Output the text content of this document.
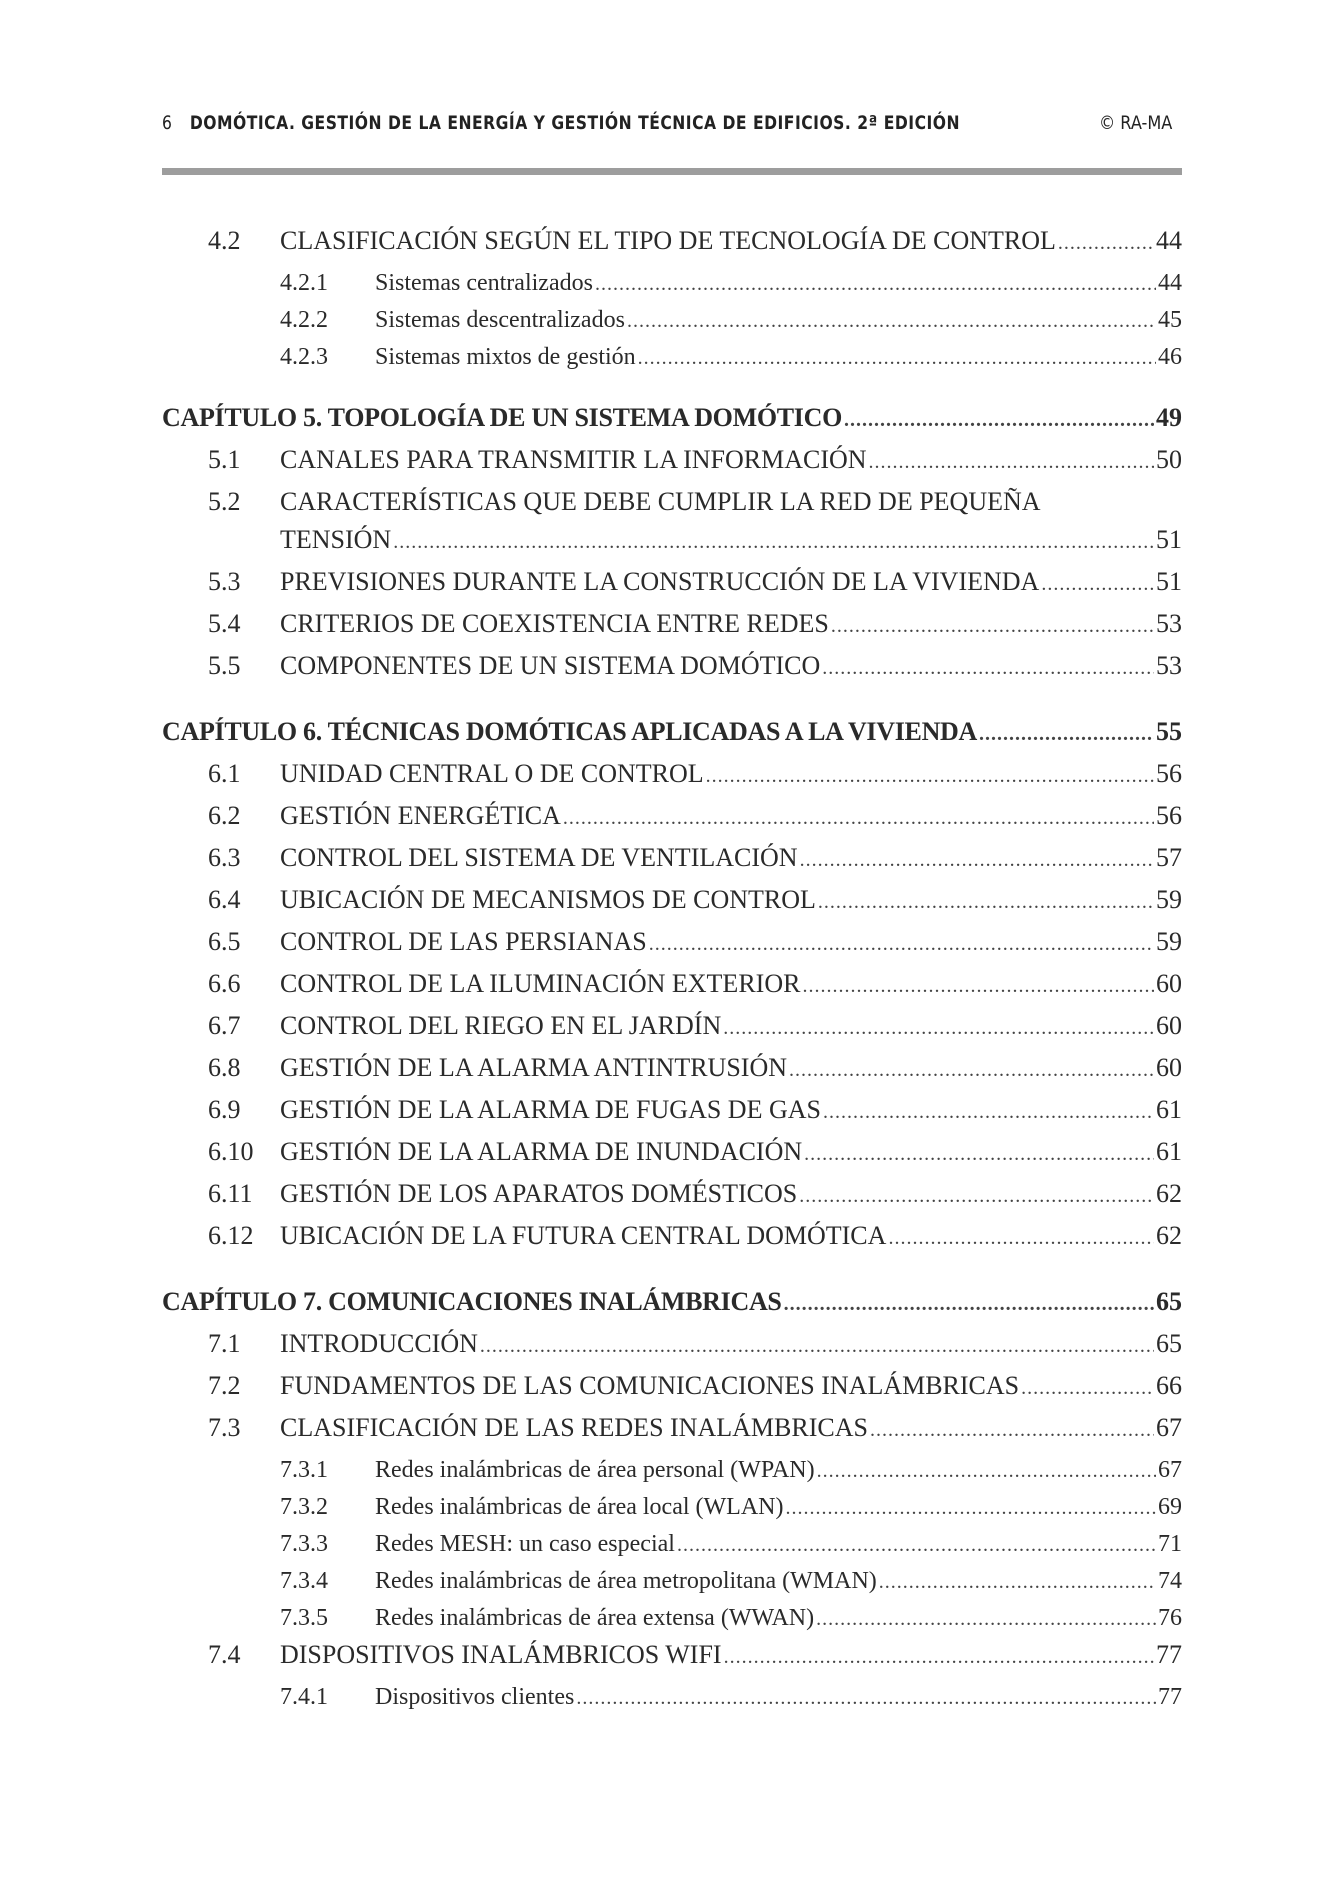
6 DOMÓTICA. GESTIÓN DE LA ENERGÍA Y GESTIÓN TÉCNICA DE EDIFICIOS. 2ª EDICIÓN	© RA-MA
4.2 CLASIFICACIÓN SEGÚN EL TIPO DE TECNOLOGÍA DE CONTROL .....	44
4.2.1 Sistemas centralizados .....	44
4.2.2 Sistemas descentralizados .....	45
4.2.3 Sistemas mixtos de gestión .....	46
CAPÍTULO 5. TOPOLOGÍA DE UN SISTEMA DOMÓTICO .....	49
5.1 CANALES PARA TRANSMITIR LA INFORMACIÓN .....	50
5.2 CARACTERÍSTICAS QUE DEBE CUMPLIR LA RED DE PEQUEÑA
TENSIÓN .....	51
5.3 PREVISIONES DURANTE LA CONSTRUCCIÓN DE LA VIVIENDA .....	51
5.4 CRITERIOS DE COEXISTENCIA ENTRE REDES .....	53
5.5 COMPONENTES DE UN SISTEMA DOMÓTICO .....	53
CAPÍTULO 6. TÉCNICAS DOMÓTICAS APLICADAS A LA VIVIENDA .....	55
6.1 UNIDAD CENTRAL O DE CONTROL .....	56
6.2 GESTIÓN ENERGÉTICA .....	56
6.3 CONTROL DEL SISTEMA DE VENTILACIÓN .....	57
6.4 UBICACIÓN DE MECANISMOS DE CONTROL .....	59
6.5 CONTROL DE LAS PERSIANAS .....	59
6.6 CONTROL DE LA ILUMINACIÓN EXTERIOR .....	60
6.7 CONTROL DEL RIEGO EN EL JARDÍN .....	60
6.8 GESTIÓN DE LA ALARMA ANTINTRUSIÓN .....	60
6.9 GESTIÓN DE LA ALARMA DE FUGAS DE GAS .....	61
6.10 GESTIÓN DE LA ALARMA DE INUNDACIÓN .....	61
6.11 GESTIÓN DE LOS APARATOS DOMÉSTICOS .....	62
6.12 UBICACIÓN DE LA FUTURA CENTRAL DOMÓTICA .....	62
CAPÍTULO 7. COMUNICACIONES INALÁMBRICAS .....	65
7.1 INTRODUCCIÓN .....	65
7.2 FUNDAMENTOS DE LAS COMUNICACIONES INALÁMBRICAS .....	66
7.3 CLASIFICACIÓN DE LAS REDES INALÁMBRICAS .....	67
7.3.1 Redes inalámbricas de área personal (WPAN) .....	67
7.3.2 Redes inalámbricas de área local (WLAN) .....	69
7.3.3 Redes MESH: un caso especial .....	71
7.3.4 Redes inalámbricas de área metropolitana (WMAN) .....	74
7.3.5 Redes inalámbricas de área extensa (WWAN) .....	76
7.4 DISPOSITIVOS INALÁMBRICOS WIFI .....	77
7.4.1 Dispositivos clientes .....	77
